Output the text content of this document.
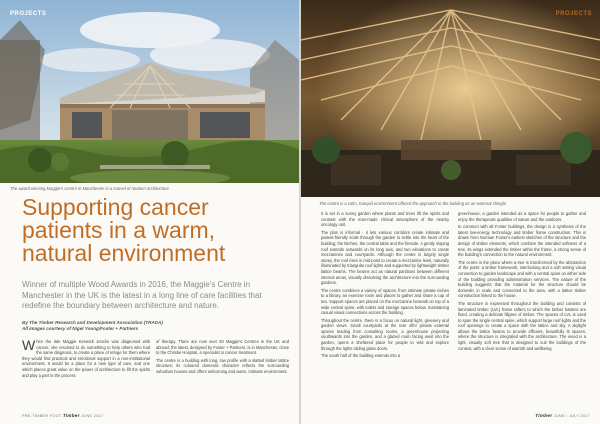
PROJECTS
The award-winning Maggie's Centre in Manchester is a marvel of modern architecture
Supporting cancer
patients in a warm,
natural environment
Winner of multiple Wood Awards in 2016, the Maggie's Centre in Manchester in the UK is the latest in a long line of care facilities that redefine the boundary between architecture and nature.
By The Timber Research and Development Association (TRADA)
All images courtesy of Nigel Young/Foster + Partners

When the late Maggie Keswick Jencks was diagnosed with cancer, she resolved to do something to help others who had the same diagnosis, to create a place of refuge for them where they would find practical and emotional support in a non-institutional environment. It would be a place for a new type of care, and one which places great value on the power of architecture to lift the spirits and play a part in the process

of therapy. There are now over 20 Maggie's Centres in the UK and abroad; the latest, designed by Foster + Partners, is in Manchester, close to the Christie Hospital, a specialist in cancer treatment.

The centre is a building with long, low profile with a slatted timber lattice structure; its coloured domestic character reflects the surrounding suburban houses and offers welcoming and warm, intimate environment.

PRE-TIMBER FOOT Timber JUNE 2017
PROJECTS
The centre is a calm, tranquil environment offered the approach to the building as an external shingle

It is set in a sunny garden where plants and trees lift the spirits and contrast with the man-made clinical atmosphere of the nearby oncology unit.

The plan is informal - it lets various corridors create intimate and patient-friendly scale through the garden to settle into the heart of the building; the kitchen, the central table and the fireside. A gently sloping roof extends outwards on its long axis, and two elevations to create mezzanines and courtyards. Although the centre is largely single storey, the roof rises in mid-point to create a mezzanine level, naturally illuminated by triangular roof lights and supported by lightweight timber lattice beams. The beams act as natural partitions between different internal areas, visually dissolving the architecture into the surrounding gardens.

The centre combines a variety of spaces, from intimate private niches to a library, an exercise room and places to gather and share a cup of tea. Support spaces are placed on the mezzanine beneath on top of a wide central spine, with toilets and storage spaces below, maintaining casual visual connections across the building.

Throughout the centre, there is a focus on natural light, greenery and garden views. Small courtyards at the rear offer private external spaces leading from consulting rooms, a greenhouse projecting southwards into the garden, and a glazed room facing west into the garden, opens a sheltered place for people to visit and explore through the lights sliding glass doors.

The south half of the building extends into a

greenhouse, a garden intended as a space for people to gather and enjoy the therapeutic qualities of nature and the outdoors.

In common with all Foster buildings, the design is a synthesis of the latest low-energy technology and timber frame construction. This is drawn from Norman Foster's earliest sketches of the structure and the design of timber elements, which combine the intended softness of a tree, its wings extended the timber within the frame, a strong sense of the building's connection to the natural environment.

The centre is the place where a tree is transformed by the abstraction of the parts: a timber framework, interlocking and a soft setting visual connection to garden landscape and with a central spine on either side of the building providing administration services. The nature of the building suggests that the material for the structure should be domestic in scale and connected to the area, with a lattice timber construction linked to the house.

The structure is expressed throughout the building and consists of laminated timber (LVL) frame rafters to which the timber battens are fixed, creating a delicate filigree of timber. The spaces of LVL is used to span the single central spine, which support large roof lights and the roof openings to create a space with the lattice and sky. A skylight allows the lattice beams to provide efficient, beautifully lit spaces, where the structure is integrated with the architecture. The wood is a light, visually soft tree that is designed to suit the buildings of the context, with a clear sense of warmth and wellbeing.

Timber JUNE / JULY 2017
